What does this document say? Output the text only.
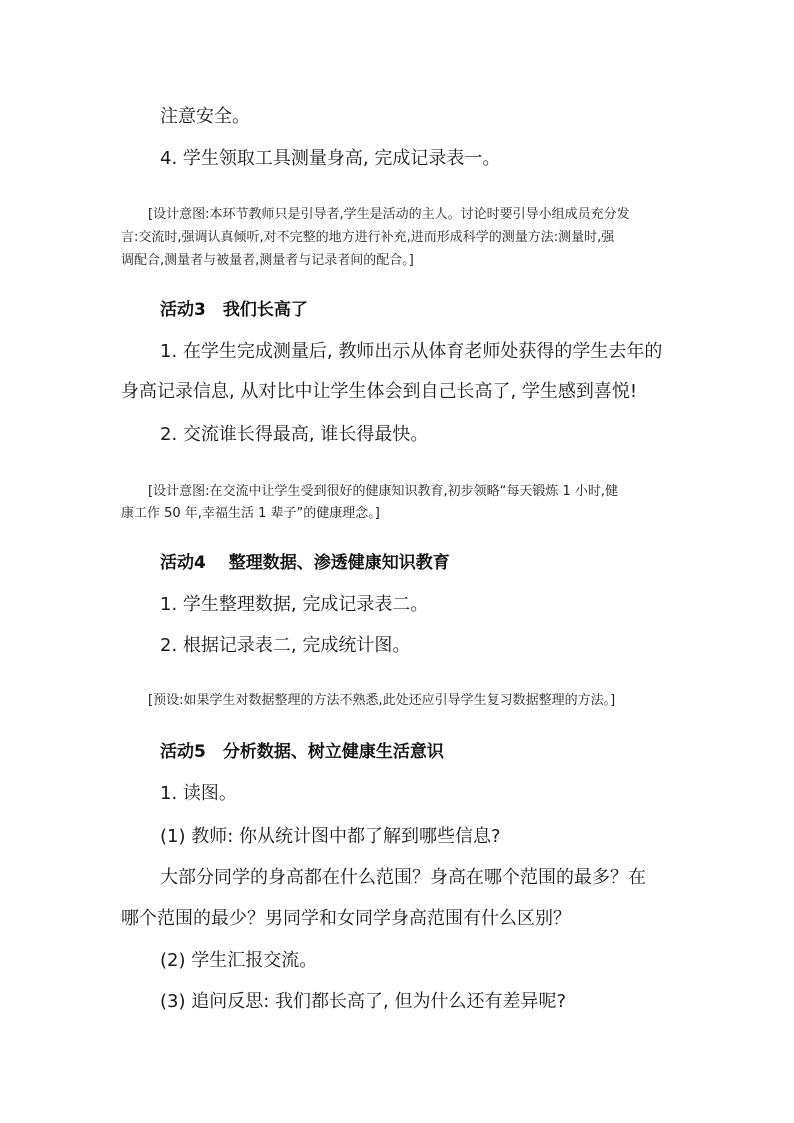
注意安全。
4. 学生领取工具测量身高, 完成记录表一。
[设计意图:本环节教师只是引导者,学生是活动的主人。讨论时要引导小组成员充分发
言:交流时,强调认真倾听,对不完整的地方进行补充,进而形成科学的测量方法:测量时,强
调配合,测量者与被量者,测量者与记录者间的配合。]
活动3　我们长高了
1. 在学生完成测量后, 教师出示从体育老师处获得的学生去年的
身高记录信息, 从对比中让学生体会到自己长高了, 学生感到喜悦!
2. 交流谁长得最高, 谁长得最快。
[设计意图:在交流中让学生受到很好的健康知识教育,初步领略“每天锻炼 1 小时,健
康工作 50 年,幸福生活 1 辈子”的健康理念。]
活动4　 整理数据、渗透健康知识教育
1. 学生整理数据, 完成记录表二。
2. 根据记录表二, 完成统计图。
[预设:如果学生对数据整理的方法不熟悉,此处还应引导学生复习数据整理的方法。]
活动5　分析数据、树立健康生活意识
1. 读图。
(1) 教师: 你从统计图中都了解到哪些信息?
大部分同学的身高都在什么范围？身高在哪个范围的最多？在
哪个范围的最少？男同学和女同学身高范围有什么区别？
(2) 学生汇报交流。
(3) 追问反思: 我们都长高了, 但为什么还有差异呢?
